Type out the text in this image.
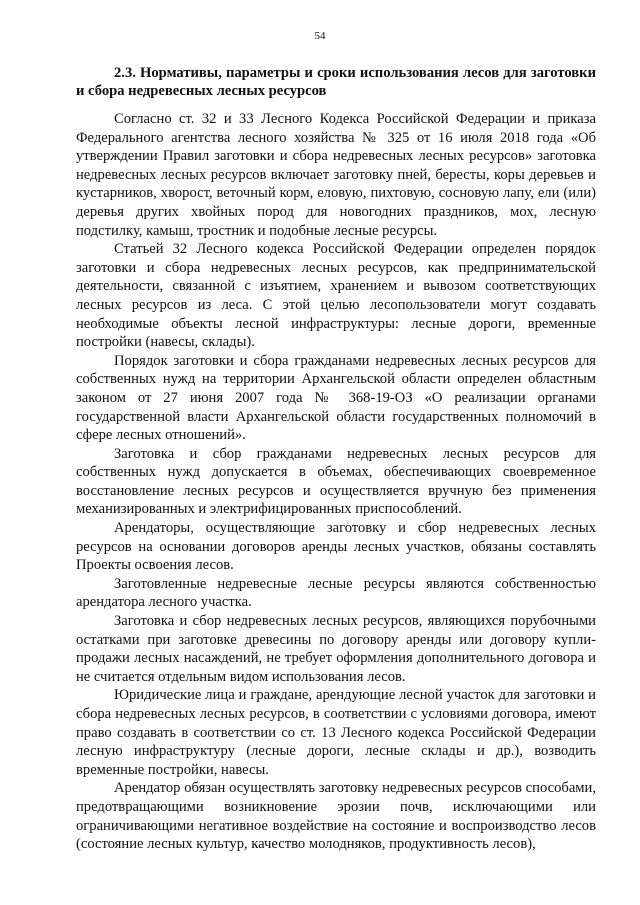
54

2.3. Нормативы, параметры и сроки использования лесов для заготовки и сбора недревесных лесных ресурсов

Согласно ст. 32 и 33 Лесного Кодекса Российской Федерации и приказа Федерального агентства лесного хозяйства № 325 от 16 июля 2018 года «Об утверждении Правил заготовки и сбора недревесных лесных ресурсов» заготовка недревесных лесных ресурсов включает заготовку пней, бересты, коры деревьев и кустарников, хворост, веточный корм, еловую, пихтовую, сосновую лапу, ели (или) деревья других хвойных пород для новогодних праздников, мох, лесную подстилку, камыш, тростник и подобные лесные ресурсы.

Статьей 32 Лесного кодекса Российской Федерации определен порядок заготовки и сбора недревесных лесных ресурсов, как предпринимательской деятельности, связанной с изъятием, хранением и вывозом соответствующих лесных ресурсов из леса. С этой целью лесопользователи могут создавать необходимые объекты лесной инфраструктуры: лесные дороги, временные постройки (навесы, склады).

Порядок заготовки и сбора гражданами недревесных лесных ресурсов для собственных нужд на территории Архангельской области определен областным законом от 27 июня 2007 года № 368-19-ОЗ «О реализации органами государственной власти Архангельской области государственных полномочий в сфере лесных отношений».

Заготовка и сбор гражданами недревесных лесных ресурсов для собственных нужд допускается в объемах, обеспечивающих своевременное восстановление лесных ресурсов и осуществляется вручную без применения механизированных и электрифицированных приспособлений.

Арендаторы, осуществляющие заготовку и сбор недревесных лесных ресурсов на основании договоров аренды лесных участков, обязаны составлять Проекты освоения лесов.

Заготовленные недревесные лесные ресурсы являются собственностью арендатора лесного участка.

Заготовка и сбор недревесных лесных ресурсов, являющихся порубочными остатками при заготовке древесины по договору аренды или договору купли-продажи лесных насаждений, не требует оформления дополнительного договора и не считается отдельным видом использования лесов.

Юридические лица и граждане, арендующие лесной участок для заготовки и сбора недревесных лесных ресурсов, в соответствии с условиями договора, имеют право создавать в соответствии со ст. 13 Лесного кодекса Российской Федерации лесную инфраструктуру (лесные дороги, лесные склады и др.), возводить временные постройки, навесы.

Арендатор обязан осуществлять заготовку недревесных ресурсов способами, предотвращающими возникновение эрозии почв, исключающими или ограничивающими негативное воздействие на состояние и воспроизводство лесов (состояние лесных культур, качество молодняков, продуктивность лесов),
